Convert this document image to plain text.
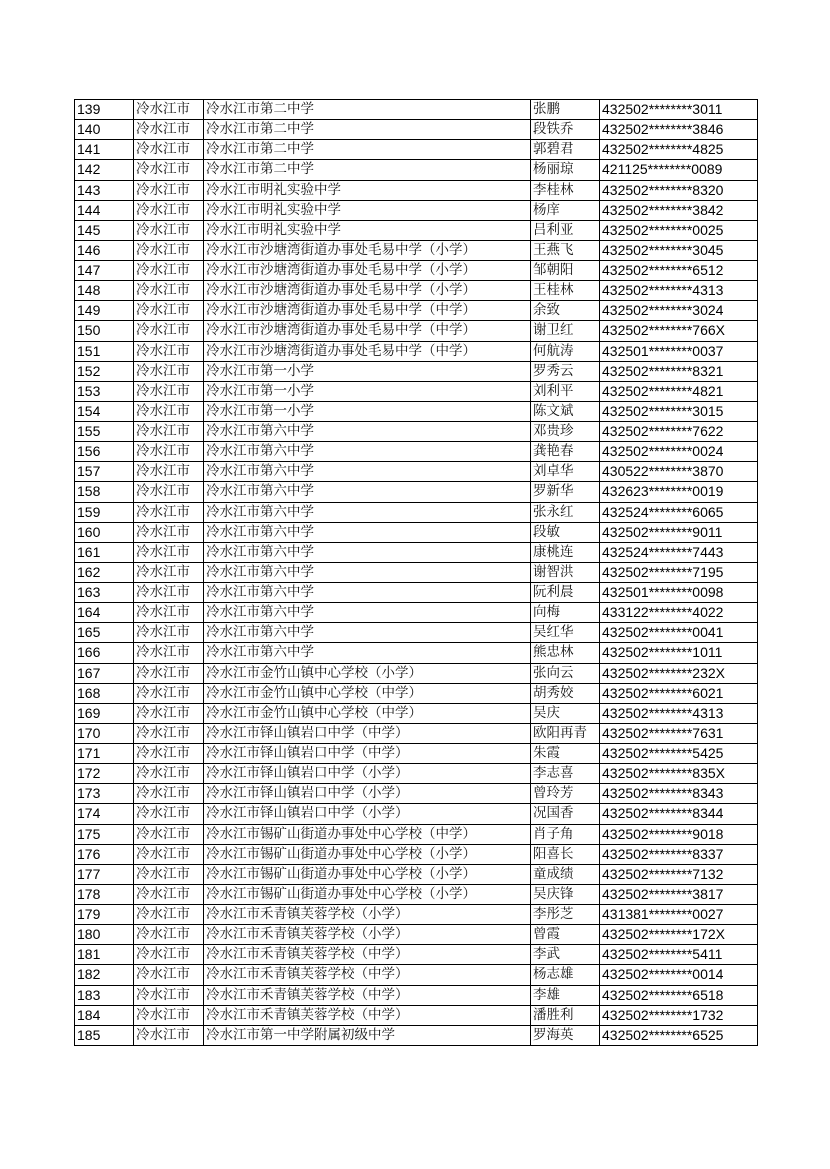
139	冷水江市	冷水江市第二中学	张鹏	432502********3011
140	冷水江市	冷水江市第二中学	段铁乔	432502********3846
141	冷水江市	冷水江市第二中学	郭碧君	432502********4825
142	冷水江市	冷水江市第二中学	杨丽琼	421125********0089
143	冷水江市	冷水江市明礼实验中学	李桂林	432502********8320
144	冷水江市	冷水江市明礼实验中学	杨庠	432502********3842
145	冷水江市	冷水江市明礼实验中学	吕利亚	432502********0025
146	冷水江市	冷水江市沙塘湾街道办事处毛易中学（小学）	王燕飞	432502********3045
147	冷水江市	冷水江市沙塘湾街道办事处毛易中学（小学）	邹朝阳	432502********6512
148	冷水江市	冷水江市沙塘湾街道办事处毛易中学（小学）	王桂林	432502********4313
149	冷水江市	冷水江市沙塘湾街道办事处毛易中学（中学）	余致	432502********3024
150	冷水江市	冷水江市沙塘湾街道办事处毛易中学（中学）	谢卫红	432502********766X
151	冷水江市	冷水江市沙塘湾街道办事处毛易中学（中学）	何航涛	432501********0037
152	冷水江市	冷水江市第一小学	罗秀云	432502********8321
153	冷水江市	冷水江市第一小学	刘利平	432502********4821
154	冷水江市	冷水江市第一小学	陈文斌	432502********3015
155	冷水江市	冷水江市第六中学	邓贵珍	432502********7622
156	冷水江市	冷水江市第六中学	龚艳春	432502********0024
157	冷水江市	冷水江市第六中学	刘卓华	430522********3870
158	冷水江市	冷水江市第六中学	罗新华	432623********0019
159	冷水江市	冷水江市第六中学	张永红	432524********6065
160	冷水江市	冷水江市第六中学	段敏	432502********9011
161	冷水江市	冷水江市第六中学	康桃连	432524********7443
162	冷水江市	冷水江市第六中学	谢智洪	432502********7195
163	冷水江市	冷水江市第六中学	阮利晨	432501********0098
164	冷水江市	冷水江市第六中学	向梅	433122********4022
165	冷水江市	冷水江市第六中学	吴红华	432502********0041
166	冷水江市	冷水江市第六中学	熊忠林	432502********1011
167	冷水江市	冷水江市金竹山镇中心学校（小学）	张向云	432502********232X
168	冷水江市	冷水江市金竹山镇中心学校（中学）	胡秀姣	432502********6021
169	冷水江市	冷水江市金竹山镇中心学校（中学）	吴庆	432502********4313
170	冷水江市	冷水江市铎山镇岩口中学（中学）	欧阳再青	432502********7631
171	冷水江市	冷水江市铎山镇岩口中学（中学）	朱霞	432502********5425
172	冷水江市	冷水江市铎山镇岩口中学（小学）	李志喜	432502********835X
173	冷水江市	冷水江市铎山镇岩口中学（小学）	曾玲芳	432502********8343
174	冷水江市	冷水江市铎山镇岩口中学（小学）	况国香	432502********8344
175	冷水江市	冷水江市锡矿山街道办事处中心学校（中学）	肖子角	432502********9018
176	冷水江市	冷水江市锡矿山街道办事处中心学校（小学）	阳喜长	432502********8337
177	冷水江市	冷水江市锡矿山街道办事处中心学校（小学）	童成绩	432502********7132
178	冷水江市	冷水江市锡矿山街道办事处中心学校（小学）	吴庆锋	432502********3817
179	冷水江市	冷水江市禾青镇芙蓉学校（小学）	李彤芝	431381********0027
180	冷水江市	冷水江市禾青镇芙蓉学校（小学）	曾霞	432502********172X
181	冷水江市	冷水江市禾青镇芙蓉学校（中学）	李武	432502********5411
182	冷水江市	冷水江市禾青镇芙蓉学校（中学）	杨志雄	432502********0014
183	冷水江市	冷水江市禾青镇芙蓉学校（中学）	李雄	432502********6518
184	冷水江市	冷水江市禾青镇芙蓉学校（中学）	潘胜利	432502********1732
185	冷水江市	冷水江市第一中学附属初级中学	罗海英	432502********6525
